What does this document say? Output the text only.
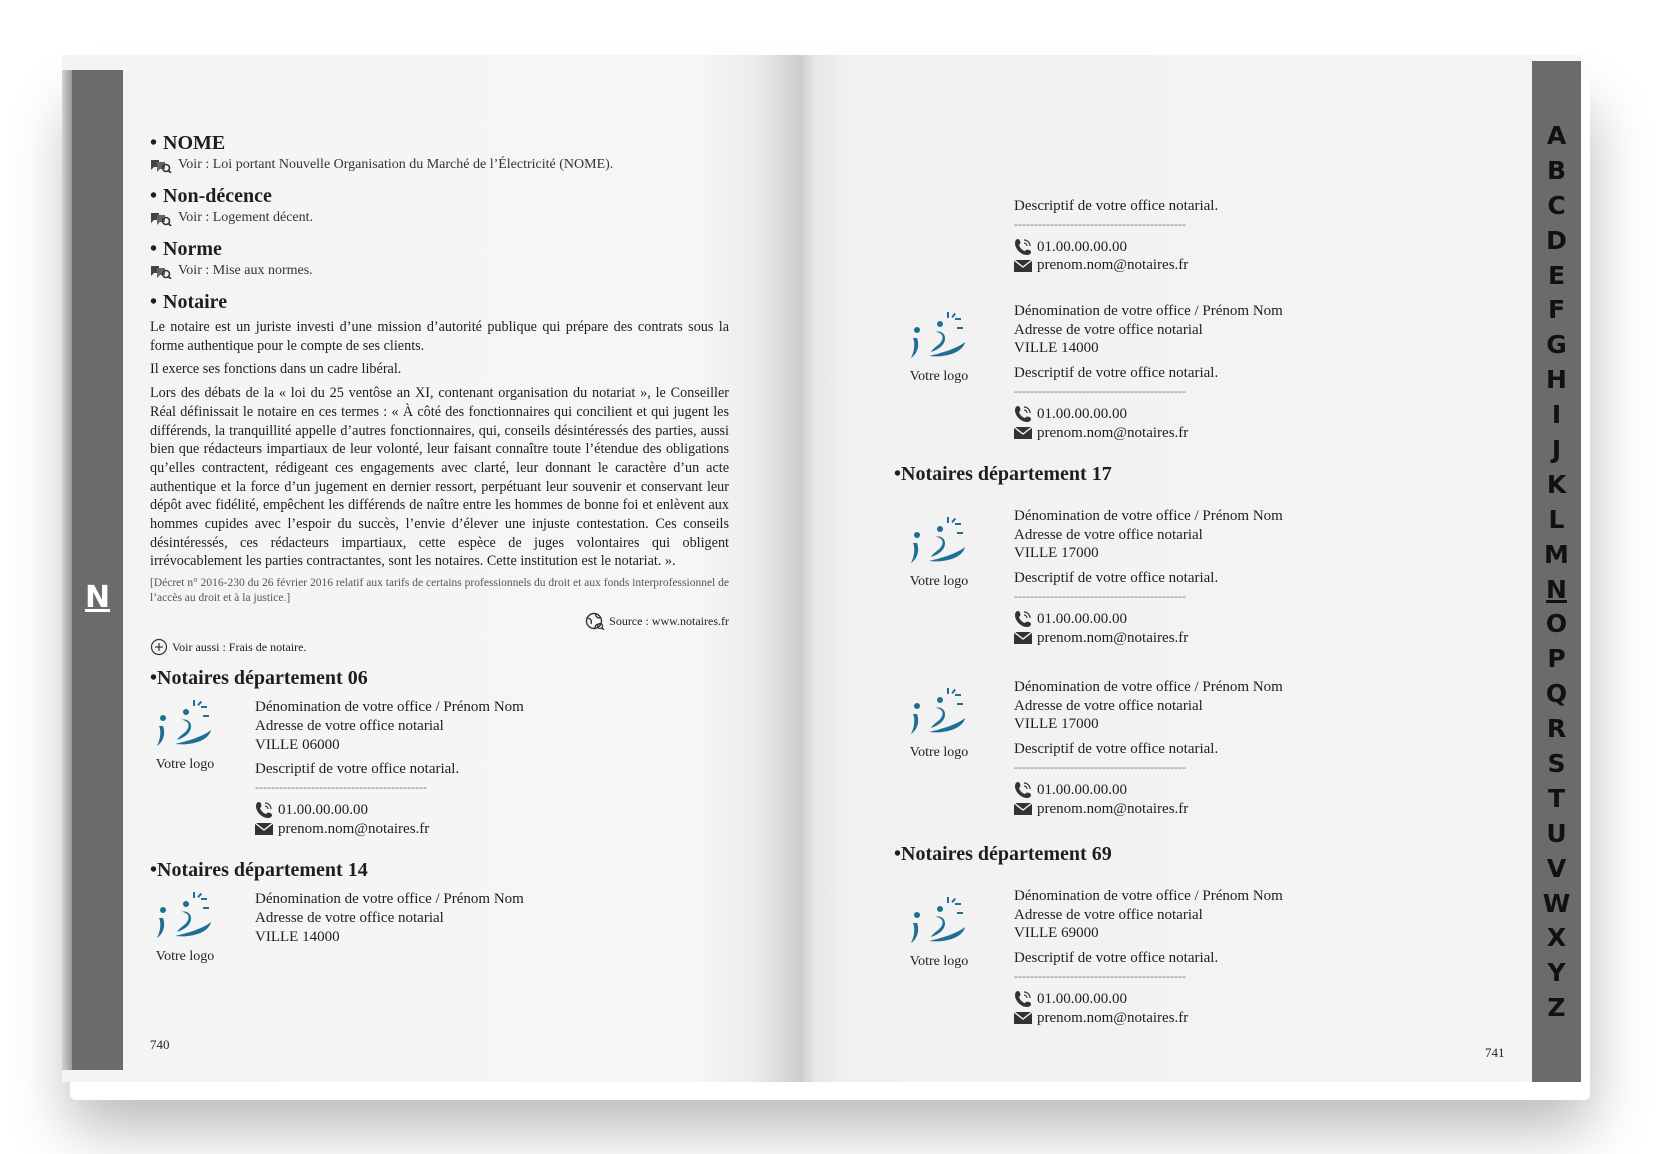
N

• NOME

Voir : Loi portant Nouvelle Organisation du Marché de l’Électricité (NOME).

• Non-décence

Voir : Logement décent.

• Norme

Voir : Mise aux normes.

• Notaire

Le notaire est un juriste investi d’une mission d’autorité publique qui prépare des contrats sous la forme authentique pour le compte de ses clients.

Il exerce ses fonctions dans un cadre libéral.

Lors des débats de la « loi du 25 ventôse an XI, contenant organisation du notariat », le Conseiller Réal définissait le notaire en ces termes : « À côté des fonctionnaires qui concilient et qui jugent les différends, la tranquillité appelle d’autres fonctionnaires, qui, conseils désintéressés des parties, aussi bien que rédacteurs impartiaux de leur volonté, leur faisant connaître toute l’étendue des obligations qu’elles contractent, rédigeant ces engagements avec clarté, leur donnant le caractère d’un acte authentique et la force d’un jugement en dernier ressort, perpétuant leur souvenir et conservant leur dépôt avec fidélité, empêchent les différends de naître entre les hommes de bonne foi et enlèvent aux hommes cupides avec l’espoir du succès, l’envie d’élever une injuste contestation. Ces conseils désintéressés, ces rédacteurs impartiaux, cette espèce de juges volontaires qui obligent irrévocablement les parties contractantes, sont les notaires. Cette institution est le notariat. ».

[Décret n° 2016-230 du 26 février 2016 relatif aux tarifs de certains professionnels du droit et aux fonds interprofessionnel de l’accès au droit et à la justice.]

Source : www.notaires.fr
Voir aussi : Frais de notaire.

•Notaires département 06

Votre logo
Dénomination de votre office / Prénom Nom
Adresse de votre office notarial
VILLE 06000
Descriptif de votre office notarial.
-------------------------------------------
01.00.00.00.00
prenom.nom@notaires.fr

•Notaires département 14

Votre logo
Dénomination de votre office / Prénom Nom
Adresse de votre office notarial
VILLE 14000
740
A
B
C
D
E
F
G
H
I
J
K
L
M
N
O
P
Q
R
S
T
U
V
W
X
Y
Z
Descriptif de votre office notarial.
-------------------------------------------
01.00.00.00.00
prenom.nom@notaires.fr
Votre logo
Dénomination de votre office / Prénom Nom
Adresse de votre office notarial
VILLE 14000
Descriptif de votre office notarial.
-------------------------------------------
01.00.00.00.00
prenom.nom@notaires.fr

•Notaires département 17

Votre logo
Dénomination de votre office / Prénom Nom
Adresse de votre office notarial
VILLE 17000
Descriptif de votre office notarial.
-------------------------------------------
01.00.00.00.00
prenom.nom@notaires.fr
Votre logo
Dénomination de votre office / Prénom Nom
Adresse de votre office notarial
VILLE 17000
Descriptif de votre office notarial.
-------------------------------------------
01.00.00.00.00
prenom.nom@notaires.fr

•Notaires département 69

Votre logo
Dénomination de votre office / Prénom Nom
Adresse de votre office notarial
VILLE 69000
Descriptif de votre office notarial.
-------------------------------------------
01.00.00.00.00
prenom.nom@notaires.fr
741
